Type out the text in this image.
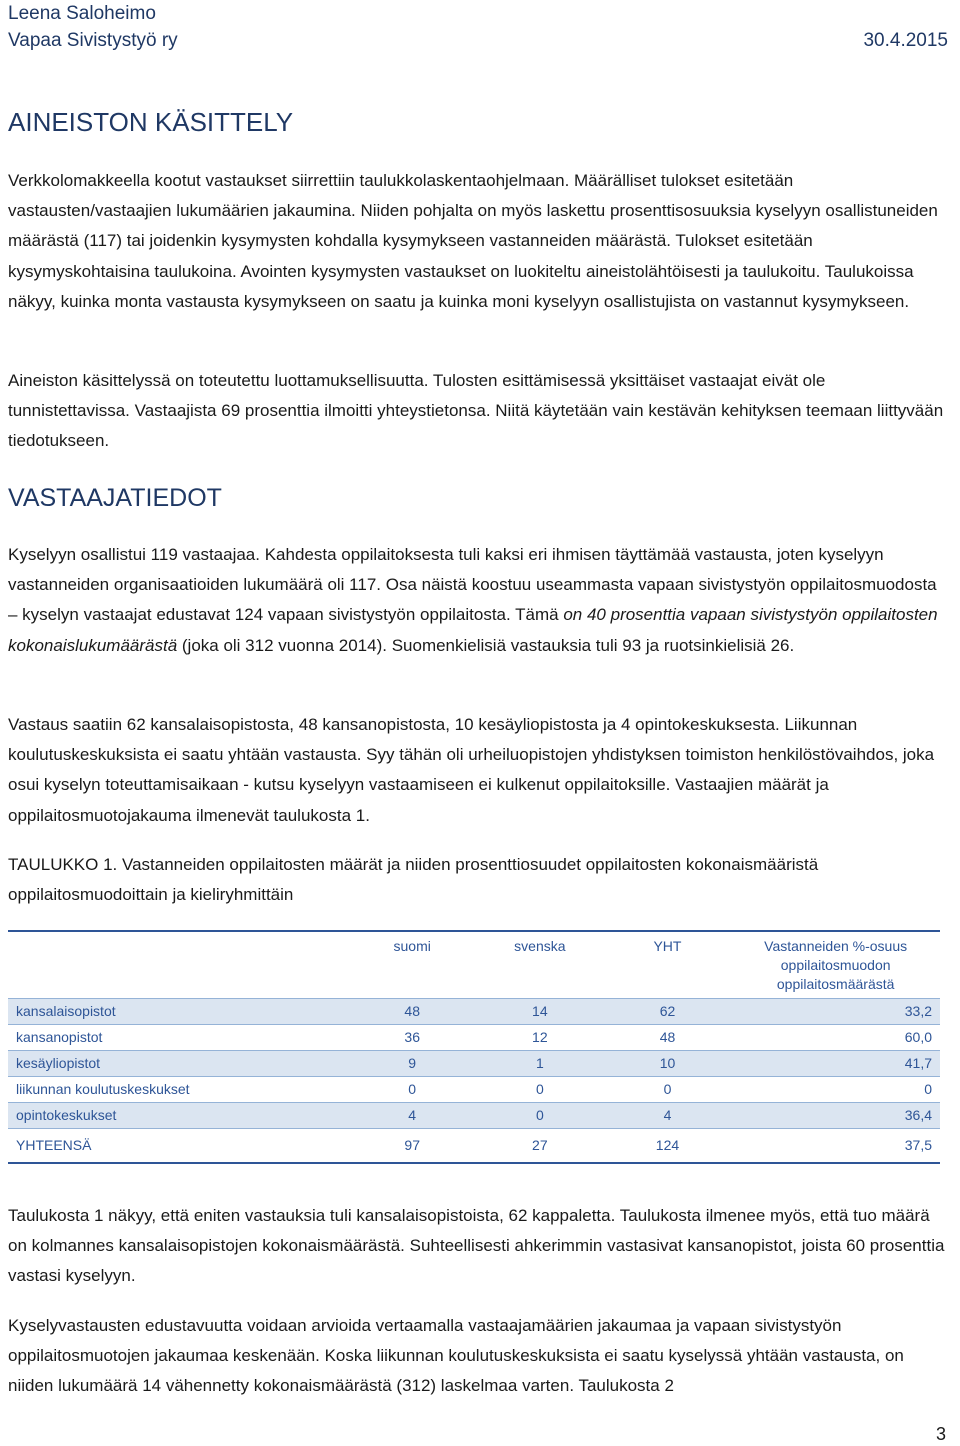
Leena Saloheimo
Vapaa Sivistystyö ry	30.4.2015
AINEISTON KÄSITTELY

Verkkolomakkeella kootut vastaukset siirrettiin taulukkolaskentaohjelmaan. Määrälliset tulokset esitetään vastausten/vastaajien lukumäärien jakaumina. Niiden pohjalta on myös laskettu prosenttisosuuksia kyselyyn osallistuneiden määrästä (117) tai joidenkin kysymysten kohdalla kysymykseen vastanneiden määrästä. Tulokset esitetään kysymyskohtaisina taulukoina. Avointen kysymysten vastaukset on luokiteltu aineistolähtöisesti ja taulukoitu. Taulukoissa näkyy, kuinka monta vastausta kysymykseen on saatu ja kuinka moni kyselyyn osallistujista on vastannut kysymykseen.

Aineiston käsittelyssä on toteutettu luottamuksellisuutta. Tulosten esittämisessä yksittäiset vastaajat eivät ole tunnistettavissa. Vastaajista 69 prosenttia ilmoitti yhteystietonsa. Niitä käytetään vain kestävän kehityksen teemaan liittyvään tiedotukseen.

VASTAAJATIEDOT

Kyselyyn osallistui 119 vastaajaa. Kahdesta oppilaitoksesta tuli kaksi eri ihmisen täyttämää vastausta, joten kyselyyn vastanneiden organisaatioiden lukumäärä oli 117. Osa näistä koostuu useammasta vapaan sivistystyön oppilaitosmuodosta – kyselyn vastaajat edustavat 124 vapaan sivistystyön oppilaitosta. Tämä on 40 prosenttia vapaan sivistystyön oppilaitosten kokonaislukumäärästä (joka oli 312 vuonna 2014). Suomenkielisiä vastauksia tuli 93 ja ruotsinkielisiä 26.

Vastaus saatiin 62 kansalaisopistosta, 48 kansanopistosta, 10 kesäyliopistosta ja 4 opintokeskuksesta. Liikunnan koulutuskeskuksista ei saatu yhtään vastausta. Syy tähän oli urheiluopistojen yhdistyksen toimiston henkilöstövaihdos, joka osui kyselyn toteuttamisaikaan - kutsu kyselyyn vastaamiseen ei kulkenut oppilaitoksille. Vastaajien määrät ja oppilaitosmuotojakauma ilmenevät taulukosta 1.

TAULUKKO 1. Vastanneiden oppilaitosten määrät ja niiden prosenttiosuudet oppilaitosten kokonaismääristä oppilaitosmuodoittain ja kieliryhmittäin

	suomi	svenska	YHT	Vastanneiden %-osuus oppilaitosmuodon oppilaitosmäärästä
kansalaisopistot	48	14	62	33,2
kansanopistot	36	12	48	60,0
kesäyliopistot	9	1	10	41,7
liikunnan koulutuskeskukset	0	0	0	0
opintokeskukset	4	0	4	36,4
YHTEENSÄ	97	27	124	37,5

Taulukosta 1 näkyy, että eniten vastauksia tuli kansalaisopistoista, 62 kappaletta. Taulukosta ilmenee myös, että tuo määrä on kolmannes kansalaisopistojen kokonaismäärästä. Suhteellisesti ahkerimmin vastasivat kansanopistot, joista 60 prosenttia vastasi kyselyyn.

Kyselyvastausten edustavuutta voidaan arvioida vertaamalla vastaajamäärien jakaumaa ja vapaan sivistystyön oppilaitosmuotojen jakaumaa keskenään. Koska liikunnan koulutuskeskuksista ei saatu kyselyssä yhtään vastausta, on niiden lukumäärä 14 vähennetty kokonaismäärästä (312) laskelmaa varten. Taulukosta 2

3
